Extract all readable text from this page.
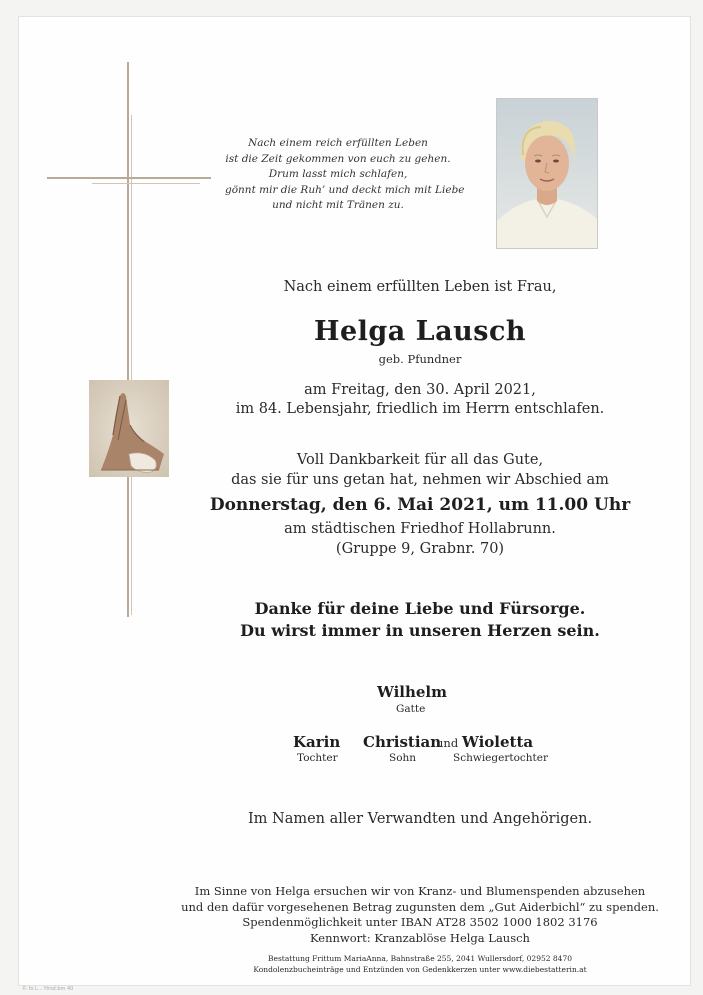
Nach einem reich erfüllten Leben
ist die Zeit gekommen von euch zu gehen.
Drum lasst mich schlafen,
gönnt mir die Ruh’ und deckt mich mit Liebe
und nicht mit Tränen zu.
Nach einem erfüllten Leben ist Frau,
Helga Lausch
geb. Pfundner
am Freitag, den 30. April 2021,
im 84. Lebensjahr, friedlich im Herrn entschlafen.
Voll Dankbarkeit für all das Gute,
das sie für uns getan hat, nehmen wir Abschied am
Donnerstag, den 6. Mai 2021, um 11.00 Uhr
am städtischen Friedhof Hollabrunn.
(Gruppe 9, Grabnr. 70)
Danke für deine Liebe und Fürsorge.
Du wirst immer in unseren Herzen sein.
Wilhelm
Gatte
Karin
Tochter
Christian
und Wioletta
Sohn	Schwiegertochter
Im Namen aller Verwandten und Angehörigen.
Im Sinne von Helga ersuchen wir von Kranz- und Blumenspenden abzusehen
und den dafür vorgesehenen Betrag zugunsten dem „Gut Aiderbichl“ zu spenden.
Spendenmöglichkeit unter IBAN AT28 3502 1000 1802 3176
Kennwort: Kranzablöse Helga Lausch
Bestattung Frittum MariaAnna, Bahnstraße 255, 2041 Wullersdorf, 02952 8470
Kondolenzbucheinträge und Entzünden von Gedenkkerzen unter www.diebestatterin.at
© fo L... Hrsd.bm 40
